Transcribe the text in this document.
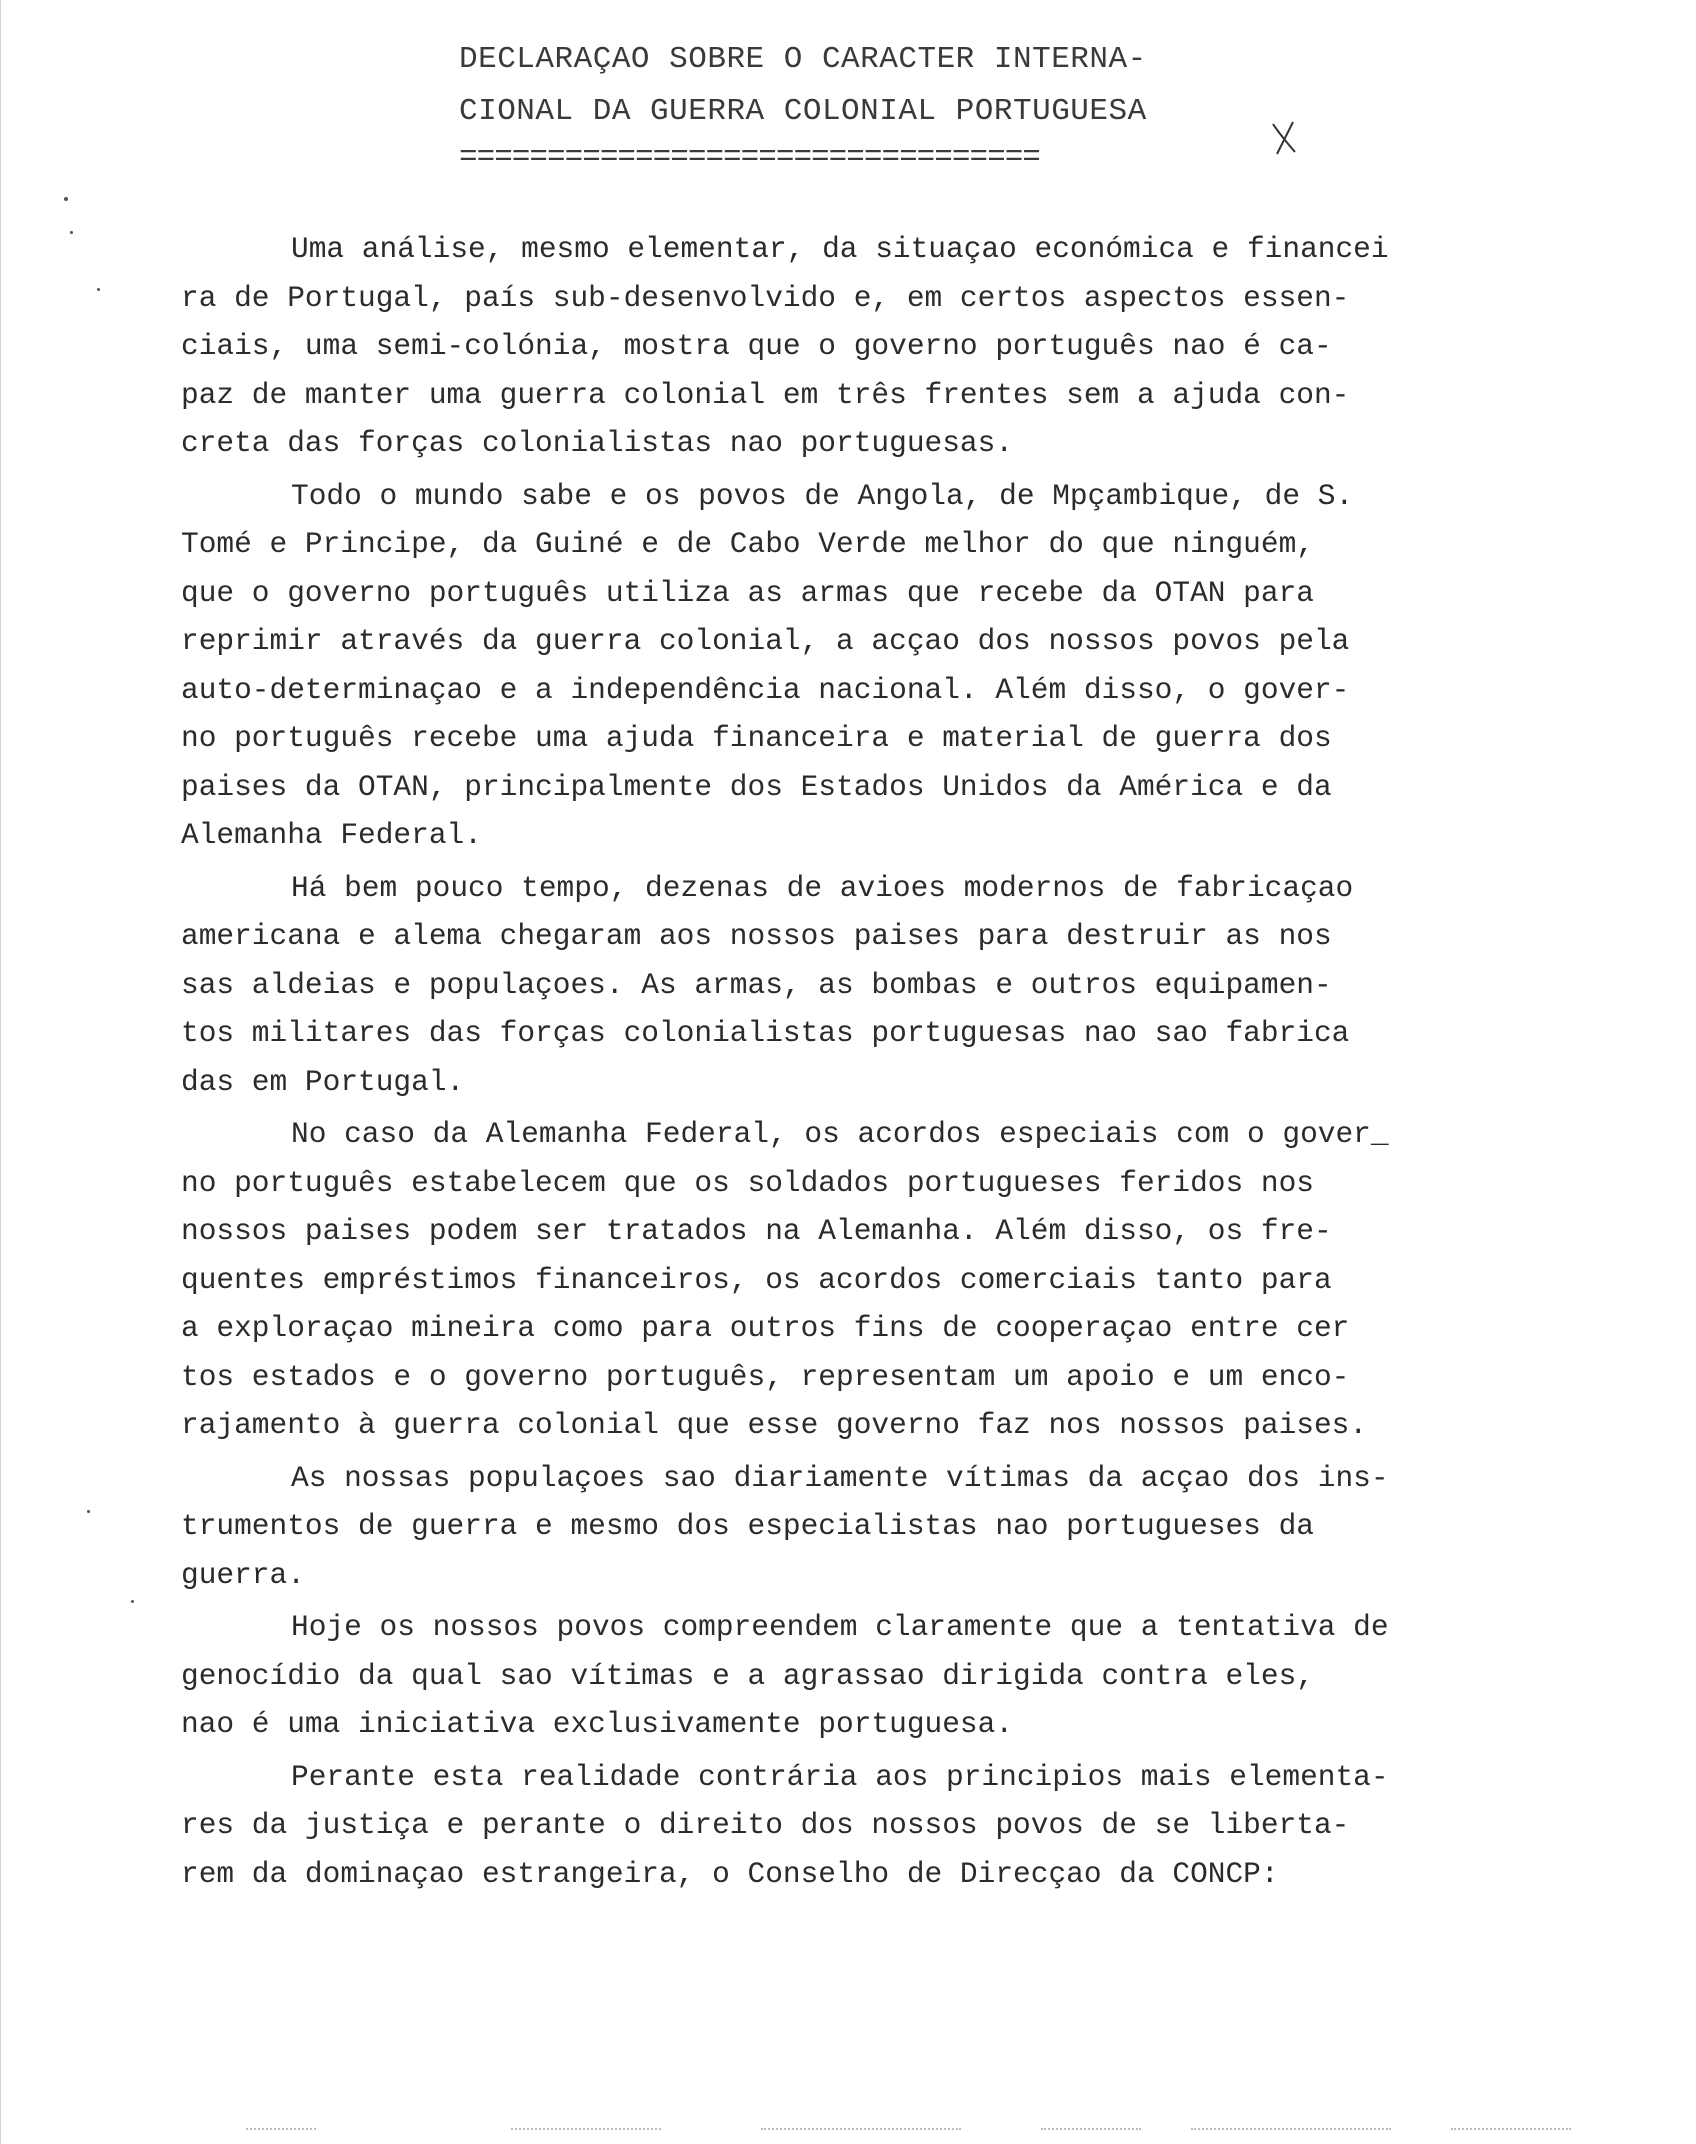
DECLARAÇAO SOBRE O CARACTER INTERNA-
CIONAL DA GUERRA COLONIAL PORTUGUESA
=================================
Uma análise, mesmo elementar, da situaçao económica e financei
ra de Portugal, país sub-desenvolvido e, em certos aspectos essen-
ciais, uma semi-colónia, mostra que o governo português nao é ca-
paz de manter uma guerra colonial em três frentes sem a ajuda con-
creta das forças colonialistas nao portuguesas.
Todo o mundo sabe e os povos de Angola, de Mpçambique, de S.
Tomé e Principe, da Guiné e de Cabo Verde melhor do que ninguém,
que o governo português utiliza as armas que recebe da OTAN para
reprimir através da guerra colonial, a acçao dos nossos povos pela
auto-determinaçao e a independência nacional. Além disso, o gover-
no português recebe uma ajuda financeira e material de guerra dos
paises da OTAN, principalmente dos Estados Unidos da América e da
Alemanha Federal.
Há bem pouco tempo, dezenas de avioes modernos de fabricaçao
americana e alema chegaram aos nossos paises para destruir as nos
sas aldeias e populaçoes. As armas, as bombas e outros equipamen-
tos militares das forças colonialistas portuguesas nao sao fabrica
das em Portugal.
No caso da Alemanha Federal, os acordos especiais com o gover_
no português estabelecem que os soldados portugueses feridos nos
nossos paises podem ser tratados na Alemanha. Além disso, os fre-
quentes empréstimos financeiros, os acordos comerciais tanto para
a exploraçao mineira como para outros fins de cooperaçao entre cer
tos estados e o governo português, representam um apoio e um enco-
rajamento à guerra colonial que esse governo faz nos nossos paises.
As nossas populaçoes sao diariamente vítimas da acçao dos ins-
trumentos de guerra e mesmo dos especialistas nao portugueses da
guerra.
Hoje os nossos povos compreendem claramente que a tentativa de
genocídio da qual sao vítimas e a agrassao dirigida contra eles,
nao é uma iniciativa exclusivamente portuguesa.
Perante esta realidade contrária aos principios mais elementa-
res da justiça e perante o direito dos nossos povos de se liberta-
rem da dominaçao estrangeira, o Conselho de Direcçao da CONCP:
